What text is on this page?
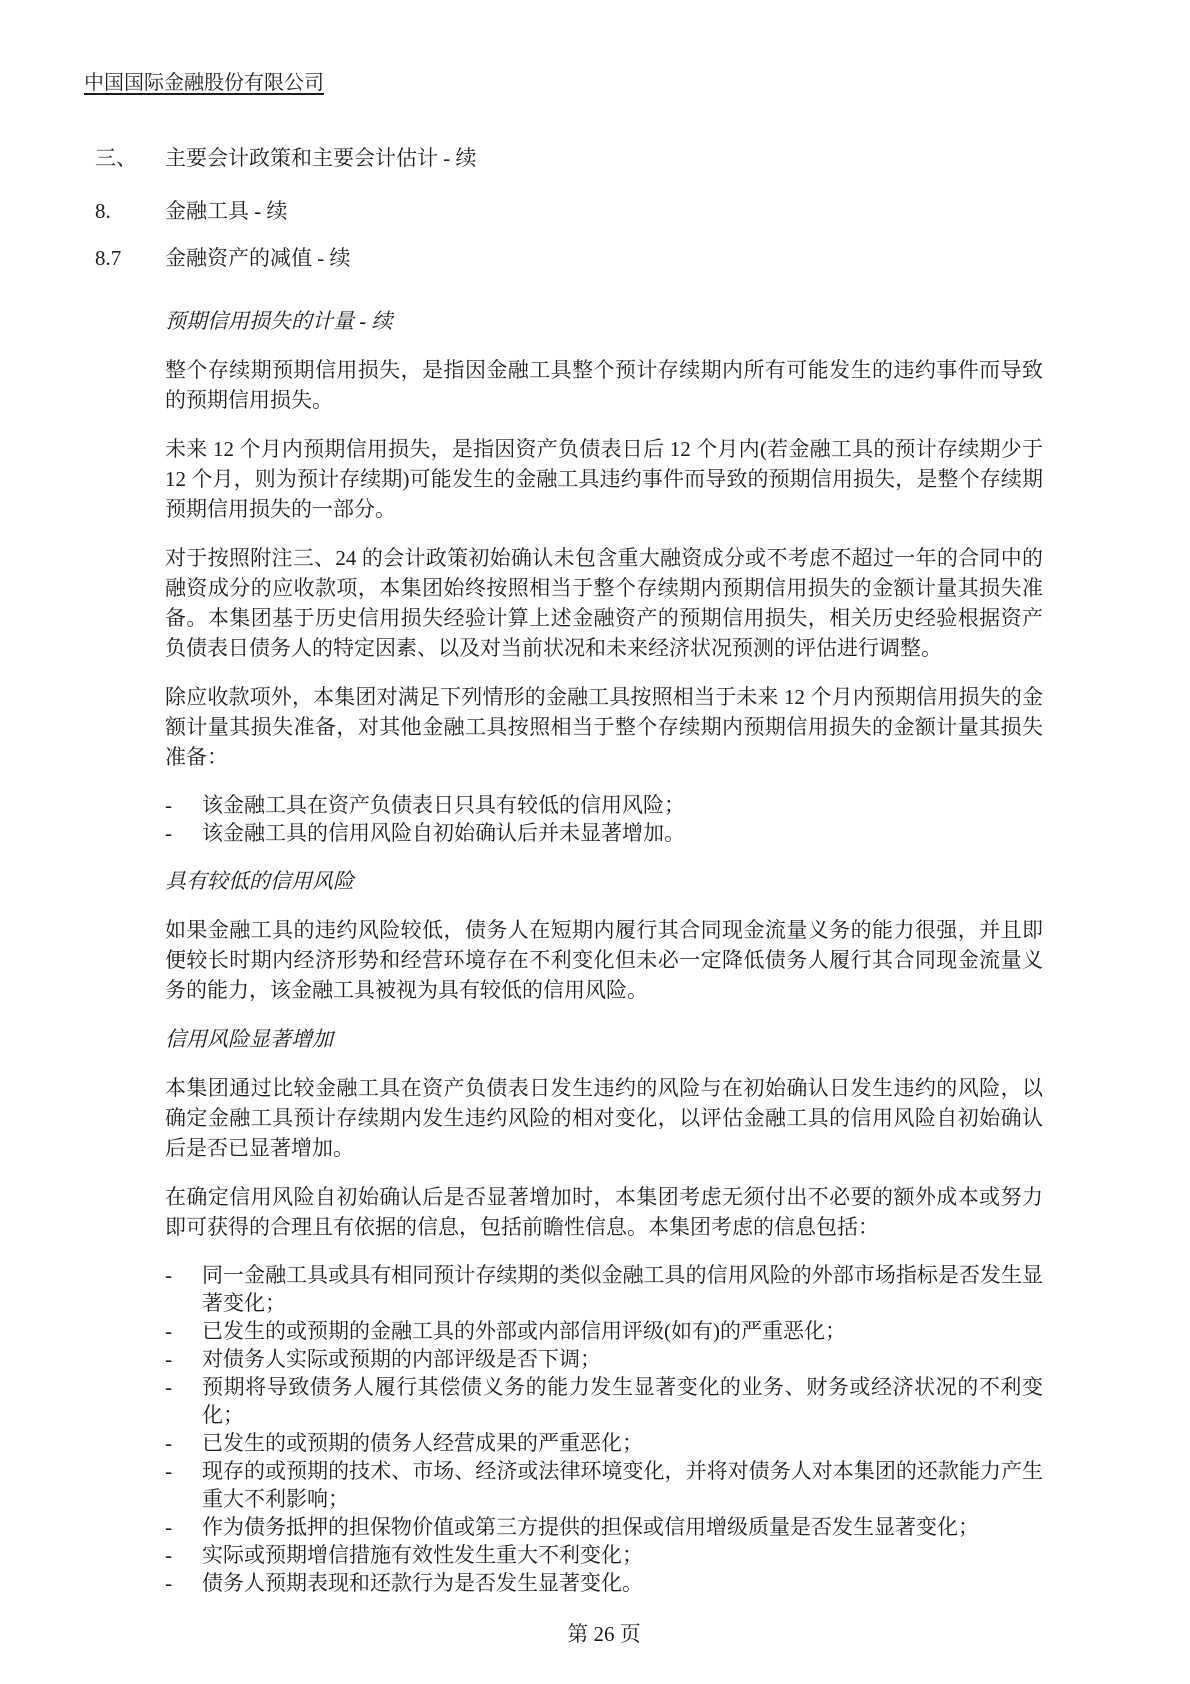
中国国际金融股份有限公司
三、 主要会计政策和主要会计估计 - 续
8.	金融工具 - 续
8.7 金融资产的减值 - 续
预期信用损失的计量 - 续

整个存续期预期信用损失，是指因金融工具整个预计存续期内所有可能发生的违约事件而导致的预期信用损失。

未来 12 个月内预期信用损失，是指因资产负债表日后 12 个月内(若金融工具的预计存续期少于 12 个月，则为预计存续期)可能发生的金融工具违约事件而导致的预期信用损失，是整个存续期预期信用损失的一部分。

对于按照附注三、24 的会计政策初始确认未包含重大融资成分或不考虑不超过一年的合同中的融资成分的应收款项，本集团始终按照相当于整个存续期内预期信用损失的金额计量其损失准备。本集团基于历史信用损失经验计算上述金融资产的预期信用损失，相关历史经验根据资产负债表日债务人的特定因素、以及对当前状况和未来经济状况预测的评估进行调整。

除应收款项外，本集团对满足下列情形的金融工具按照相当于未来 12 个月内预期信用损失的金额计量其损失准备，对其他金融工具按照相当于整个存续期内预期信用损失的金额计量其损失准备：

-	该金融工具在资产负债表日只具有较低的信用风险；
-	该金融工具的信用风险自初始确认后并未显著增加。
具有较低的信用风险

如果金融工具的违约风险较低，债务人在短期内履行其合同现金流量义务的能力很强，并且即便较长时期内经济形势和经营环境存在不利变化但未必一定降低债务人履行其合同现金流量义务的能力，该金融工具被视为具有较低的信用风险。

信用风险显著增加

本集团通过比较金融工具在资产负债表日发生违约的风险与在初始确认日发生违约的风险，以确定金融工具预计存续期内发生违约风险的相对变化，以评估金融工具的信用风险自初始确认后是否已显著增加。

在确定信用风险自初始确认后是否显著增加时，本集团考虑无须付出不必要的额外成本或努力即可获得的合理且有依据的信息，包括前瞻性信息。本集团考虑的信息包括：

-	同一金融工具或具有相同预计存续期的类似金融工具的信用风险的外部市场指标是否发生显著变化；
-	已发生的或预期的金融工具的外部或内部信用评级(如有)的严重恶化；
-	对债务人实际或预期的内部评级是否下调；
-	预期将导致债务人履行其偿债义务的能力发生显著变化的业务、财务或经济状况的不利变化；
-	已发生的或预期的债务人经营成果的严重恶化；
-	现存的或预期的技术、市场、经济或法律环境变化，并将对债务人对本集团的还款能力产生重大不利影响；
-	作为债务抵押的担保物价值或第三方提供的担保或信用增级质量是否发生显著变化；
-	实际或预期增信措施有效性发生重大不利变化；
-	债务人预期表现和还款行为是否发生显著变化。
第 26 页
